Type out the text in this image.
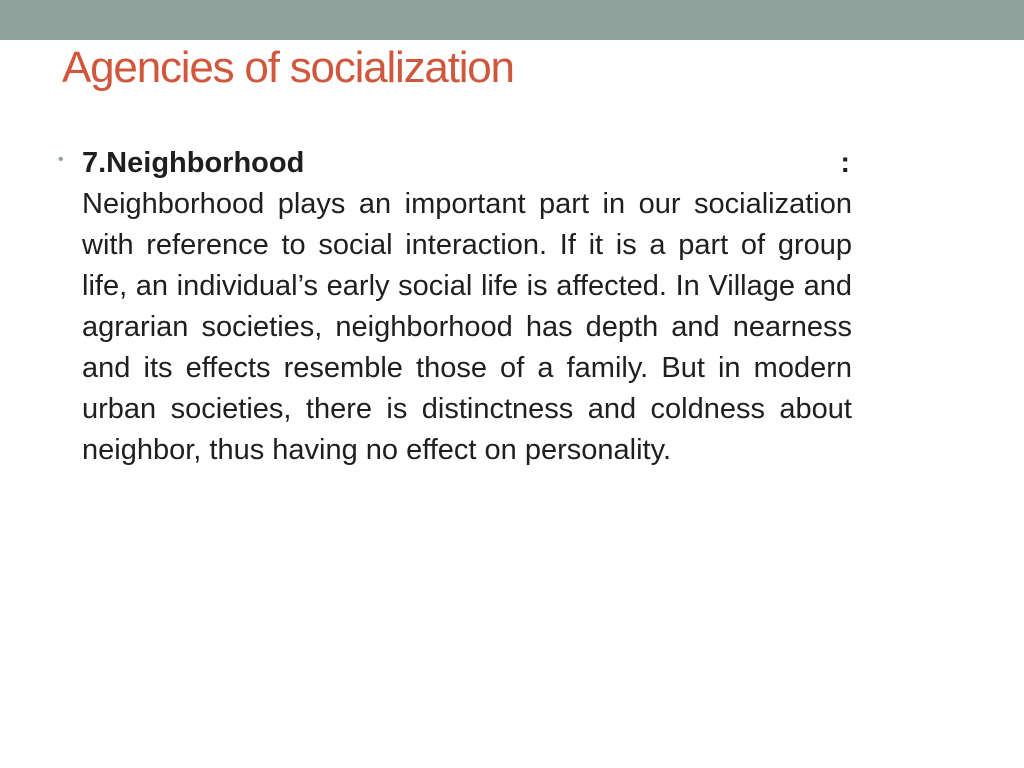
Agencies of socialization
• 7.Neighborhood	:

Neighborhood plays an important part in our socialization with reference to social interaction. If it is a part of group life, an individual’s early social life is affected. In Village and agrarian societies, neighborhood has depth and nearness and its effects resemble those of a family. But in modern urban societies, there is distinctness and coldness about neighbor, thus having no effect on personality.
